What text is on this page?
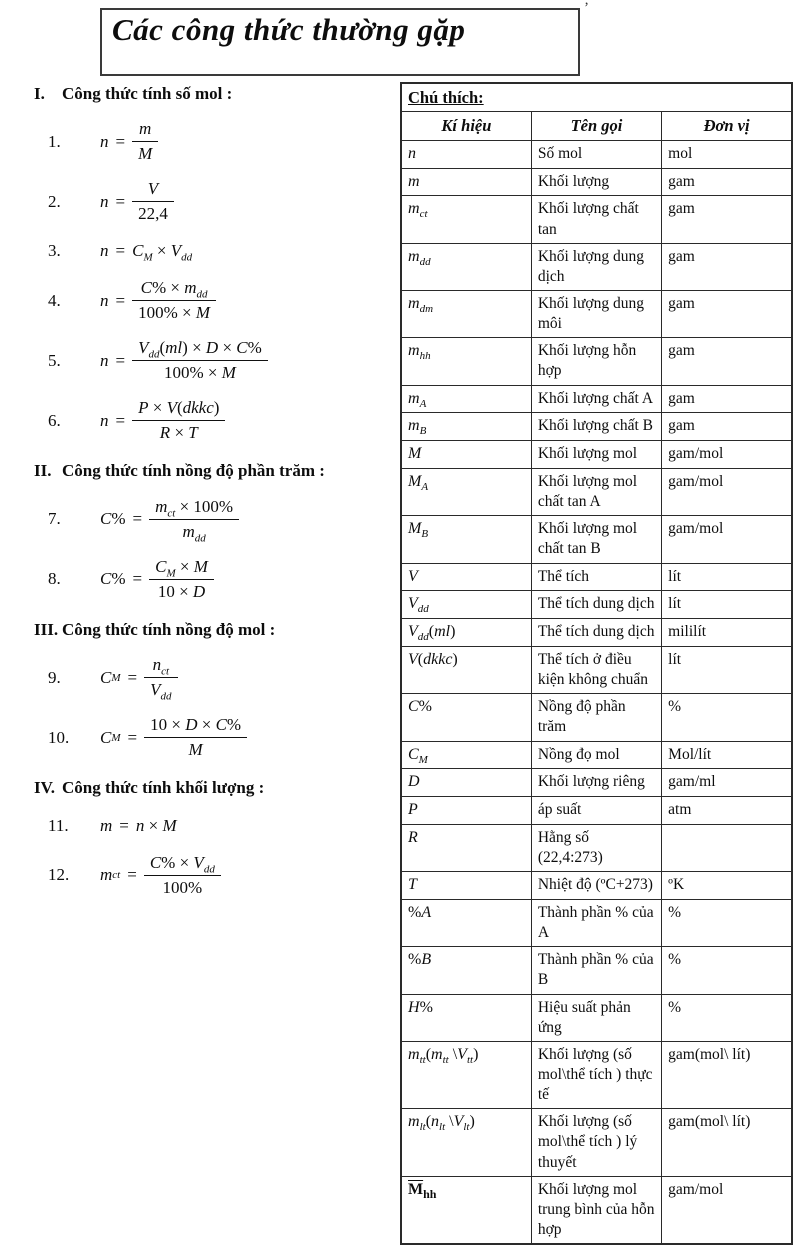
’
Các công thức thường gặp
I.	Công thức tính số mol :
1.	$n = \frac{m}{M}$
2.	$n = \frac{V}{22,4}$
3.	$n = C_M \times V_{dd}$
4.	$n = \frac{C\% \times m_{dd}}{100\% \times M}$
5.	$n = \frac{V_{dd}(ml) \times D \times C\%}{100\% \times M}$
6.	$n = \frac{\text{P × V(dkkc)}}{R \times T}$
II. Công thức tính nồng độ phần trăm :
7.	C % = $\frac{m_{ct} \times 100\%}{m_{dd}}$
8.	C % = $\frac{C_M \times M}{10 \times D}$
III. Công thức tính nồng độ mol :
9.	C $M = \frac{n_{ct}}{V_{dd}}$
10. C $M = \frac{10 \times D \times C\%}{M}$
IV. Công thức tính khối lượng :
11.	m = n × M
12. m ct = $\frac{C\% \times V_{dd}}{100\%}$
Chú thích:		
Kí hiệu	Tên gọi	Đơn vị
n	Số mol	mol
m	Khối lượng	gam
$m_{ct}$	Khối lượng chất tan	gam
$m_{dd}$	Khối lượng dung dịch	gam
$m_{dm}$	Khối lượng dung môi	gam
$m_{hh}$	Khối lượng hỗn hợp	gam
$m_A$	Khối lượng chất A	gam
$m_B$	Khối lượng chất B	gam
M	Khối lượng mol	gam/mol
$M_A$	Khối lượng mol chất tan A	gam/mol
$M_B$	Khối lượng mol chất tan B	gam/mol
V	Thể tích	lít
$V_{dd}$	Thể tích dung dịch	lít
$V_{dd}(ml)$	Thể tích dung dịch	mililít
V(dkkc)	Thể tích ở điều kiện không chuẩn	lít
C%	Nồng độ phần trăm	%
$C_M$	Nồng đọ mol	Mol/lít
D	Khối lượng riêng	gam/ml
P	áp suất	atm
R	Hằng số (22,4:273)	
T	Nhiệt độ (ºC+273)	ºK
%A	Thành phần % của A	%
%B	Thành phần % của B	%
H%	Hiệu suất phản ứng	%
$m_{tt}(m_{tt}$ $\backslash V_{tt}$)	Khối lượng (số mol\thể tích ) thực tế	gam(mol\ lít)
$m_{lt}(n_{lt}$ $\backslash V_{lt}$)	Khối lượng (số mol\thể tích ) lý thuyết	gam(mol\ lít)
$\overline{M}_{hh}$	Khối lượng mol trung bình của hỗn hợp	gam/mol
